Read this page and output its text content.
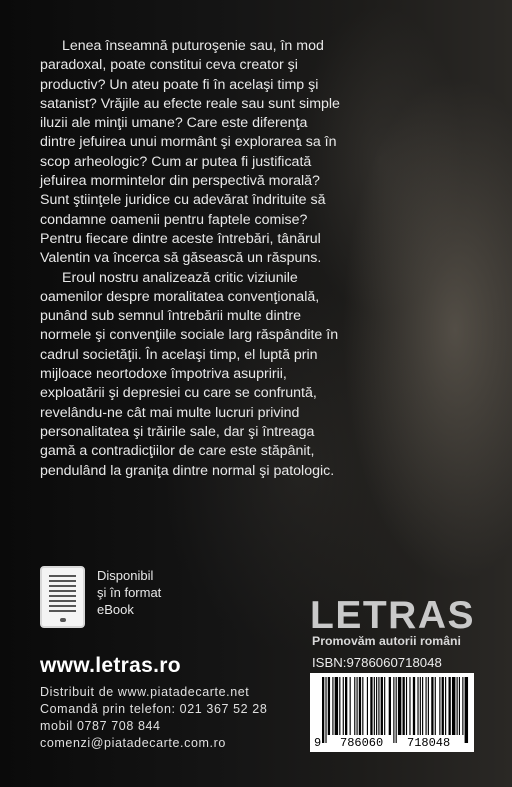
Lenea înseamnă puturoşenie sau, în mod paradoxal, poate constitui ceva creator şi productiv? Un ateu poate fi în acelaşi timp şi satanist? Vrăjile au efecte reale sau sunt simple iluzii ale minţii umane? Care este diferenţa dintre jefuirea unui mormânt şi explorarea sa în scop arheologic? Cum ar putea fi justificată jefuirea mormintelor din perspectivă morală? Sunt ştiinţele juridice cu adevărat îndrituite să condamne oamenii pentru faptele comise? Pentru fiecare dintre aceste întrebări, tânărul Valentin va încerca să găsească un răspuns.

Eroul nostru analizează critic viziunile oamenilor despre moralitatea convenţională, punând sub semnul întrebării multe dintre normele şi convenţiile sociale larg răspândite în cadrul societăţii. În acelaşi timp, el luptă prin mijloace neortodoxe împotriva asupririi, exploatării şi depresiei cu care se confruntă, revelându-ne cât mai multe lucruri privind personalitatea şi trăirile sale, dar şi întreaga gamă a contradicţiilor de care este stăpânit, pendulând la graniţa dintre normal şi patologic.

Disponibil
şi în format
eBook
www.letras.ro
Distribuit de www.piatadecarte.net
Comandă prin telefon: 021 367 52 28
mobil 0787 708 844
comenzi@piatadecarte.com.ro
LETRAS
Promovăm autorii români
ISBN:9786060718048
9 786060 718048
